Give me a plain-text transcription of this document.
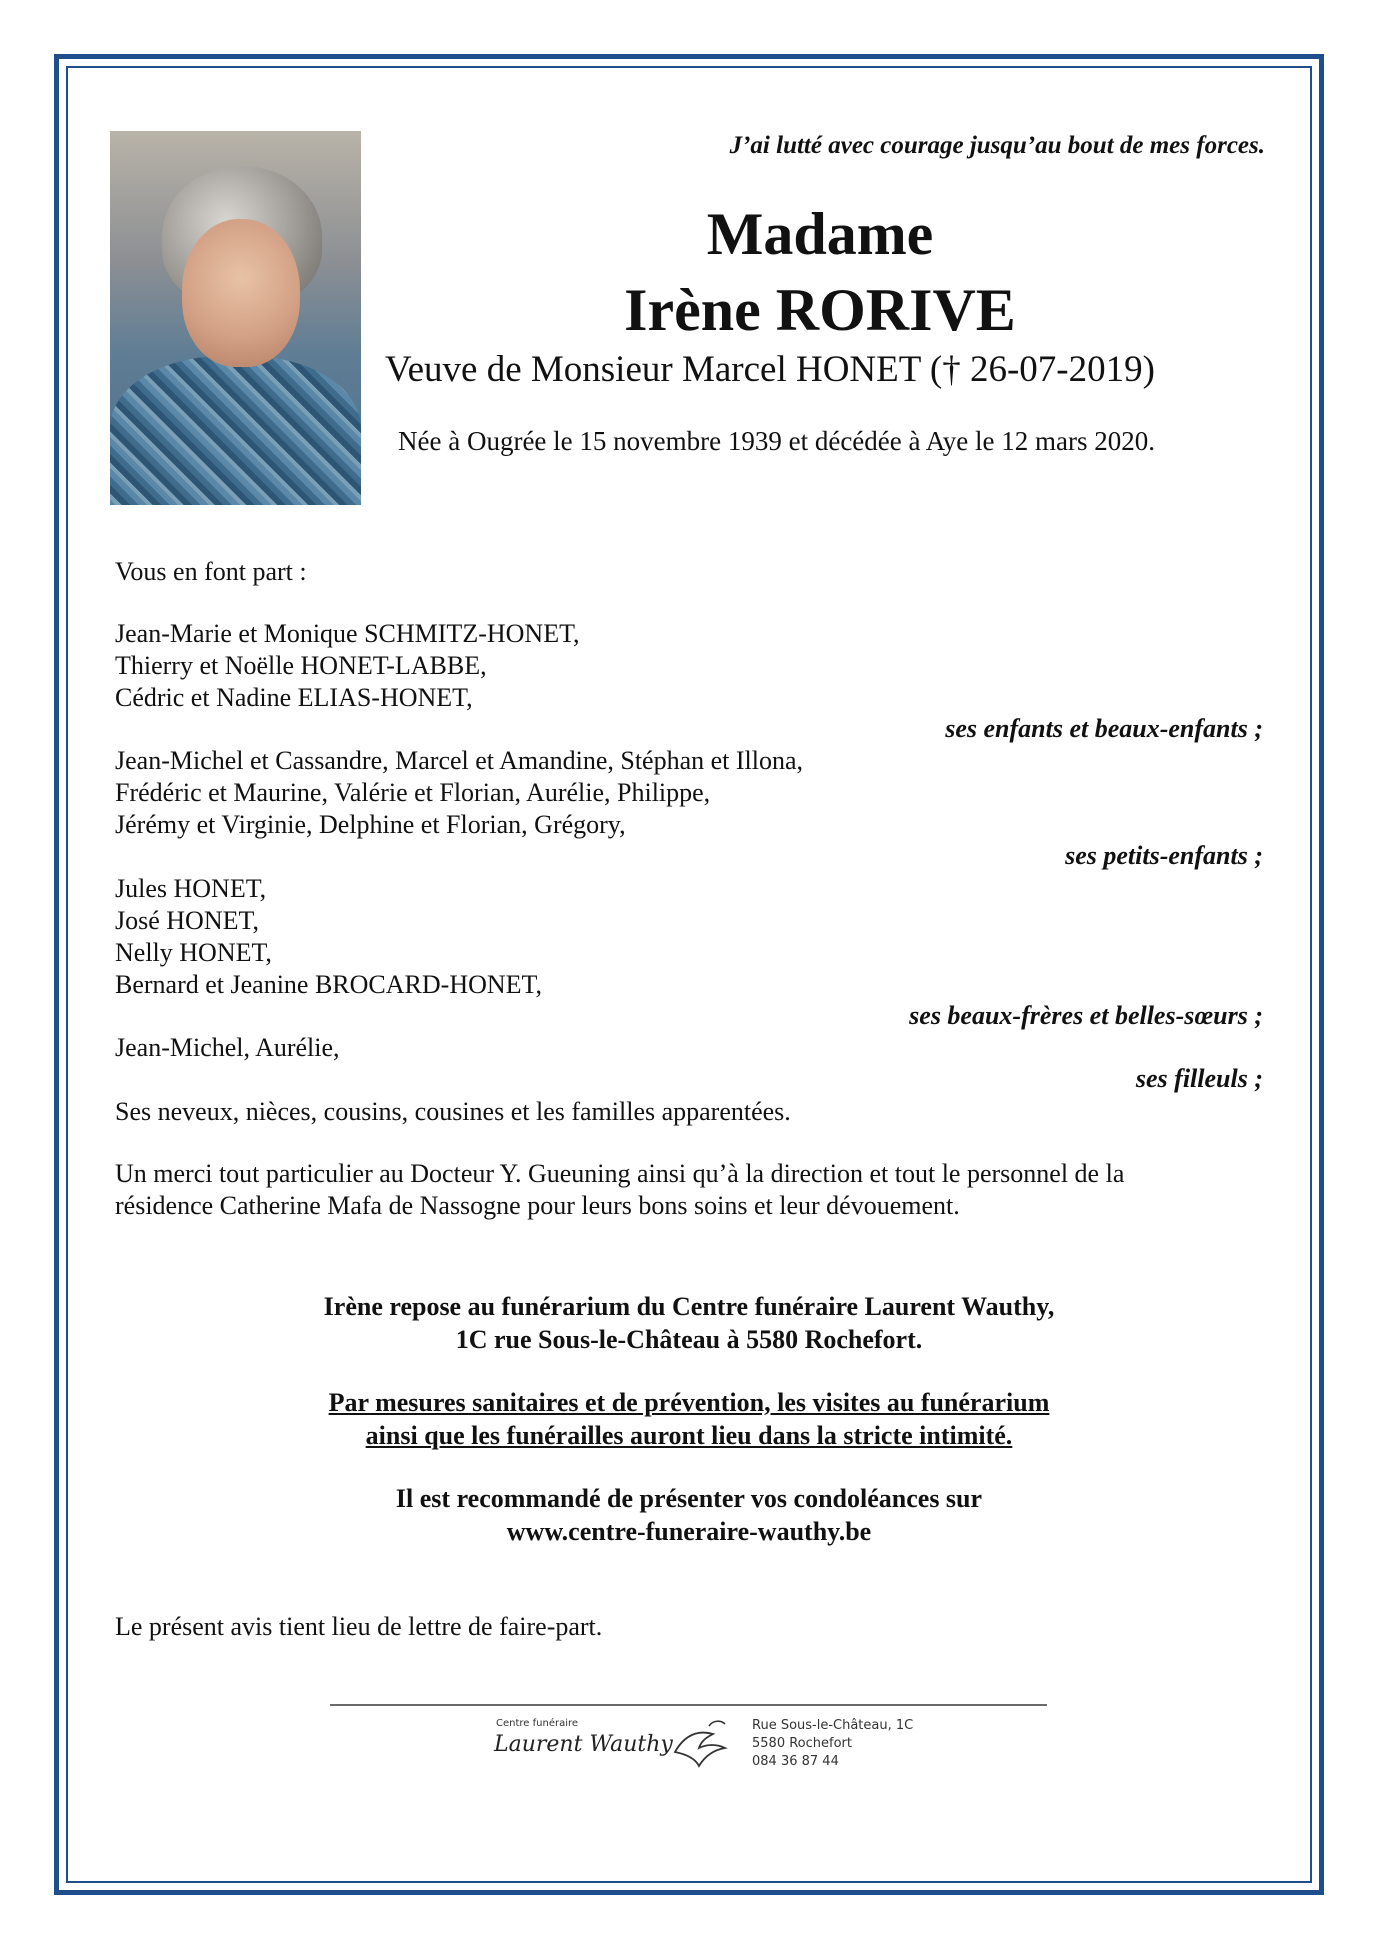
J’ai lutté avec courage jusqu’au bout de mes forces.
Madame
Irène RORIVE
Veuve de Monsieur Marcel HONET († 26-07-2019)
Née à Ougrée le 15 novembre 1939 et décédée à Aye le 12 mars 2020.
Vous en font part :
Jean-Marie et Monique SCHMITZ-HONET,
Thierry et Noëlle HONET-LABBE,
Cédric et Nadine ELIAS-HONET,
ses enfants et beaux-enfants ;
Jean-Michel et Cassandre, Marcel et Amandine, Stéphan et Illona,
Frédéric et Maurine, Valérie et Florian, Aurélie, Philippe,
Jérémy et Virginie, Delphine et Florian, Grégory,
ses petits-enfants ;
Jules HONET,
José HONET,
Nelly HONET,
Bernard et Jeanine BROCARD-HONET,
ses beaux-frères et belles-sœurs ;
Jean-Michel, Aurélie,
ses filleuls ;
Ses neveux, nièces, cousins, cousines et les familles apparentées.
Un merci tout particulier au Docteur Y. Gueuning ainsi qu’à la direction et tout le personnel de la
résidence Catherine Mafa de Nassogne pour leurs bons soins et leur dévouement.
Irène repose au funérarium du Centre funéraire Laurent Wauthy,
1C rue Sous-le-Château à 5580 Rochefort.
Par mesures sanitaires et de prévention, les visites au funérarium
ainsi que les funérailles auront lieu dans la stricte intimité.
Il est recommandé de présenter vos condoléances sur
www.centre-funeraire-wauthy.be
Le présent avis tient lieu de lettre de faire-part.
Centre funéraire
Laurent Wauthy
Rue Sous-le-Château, 1C
5580 Rochefort
084 36 87 44
